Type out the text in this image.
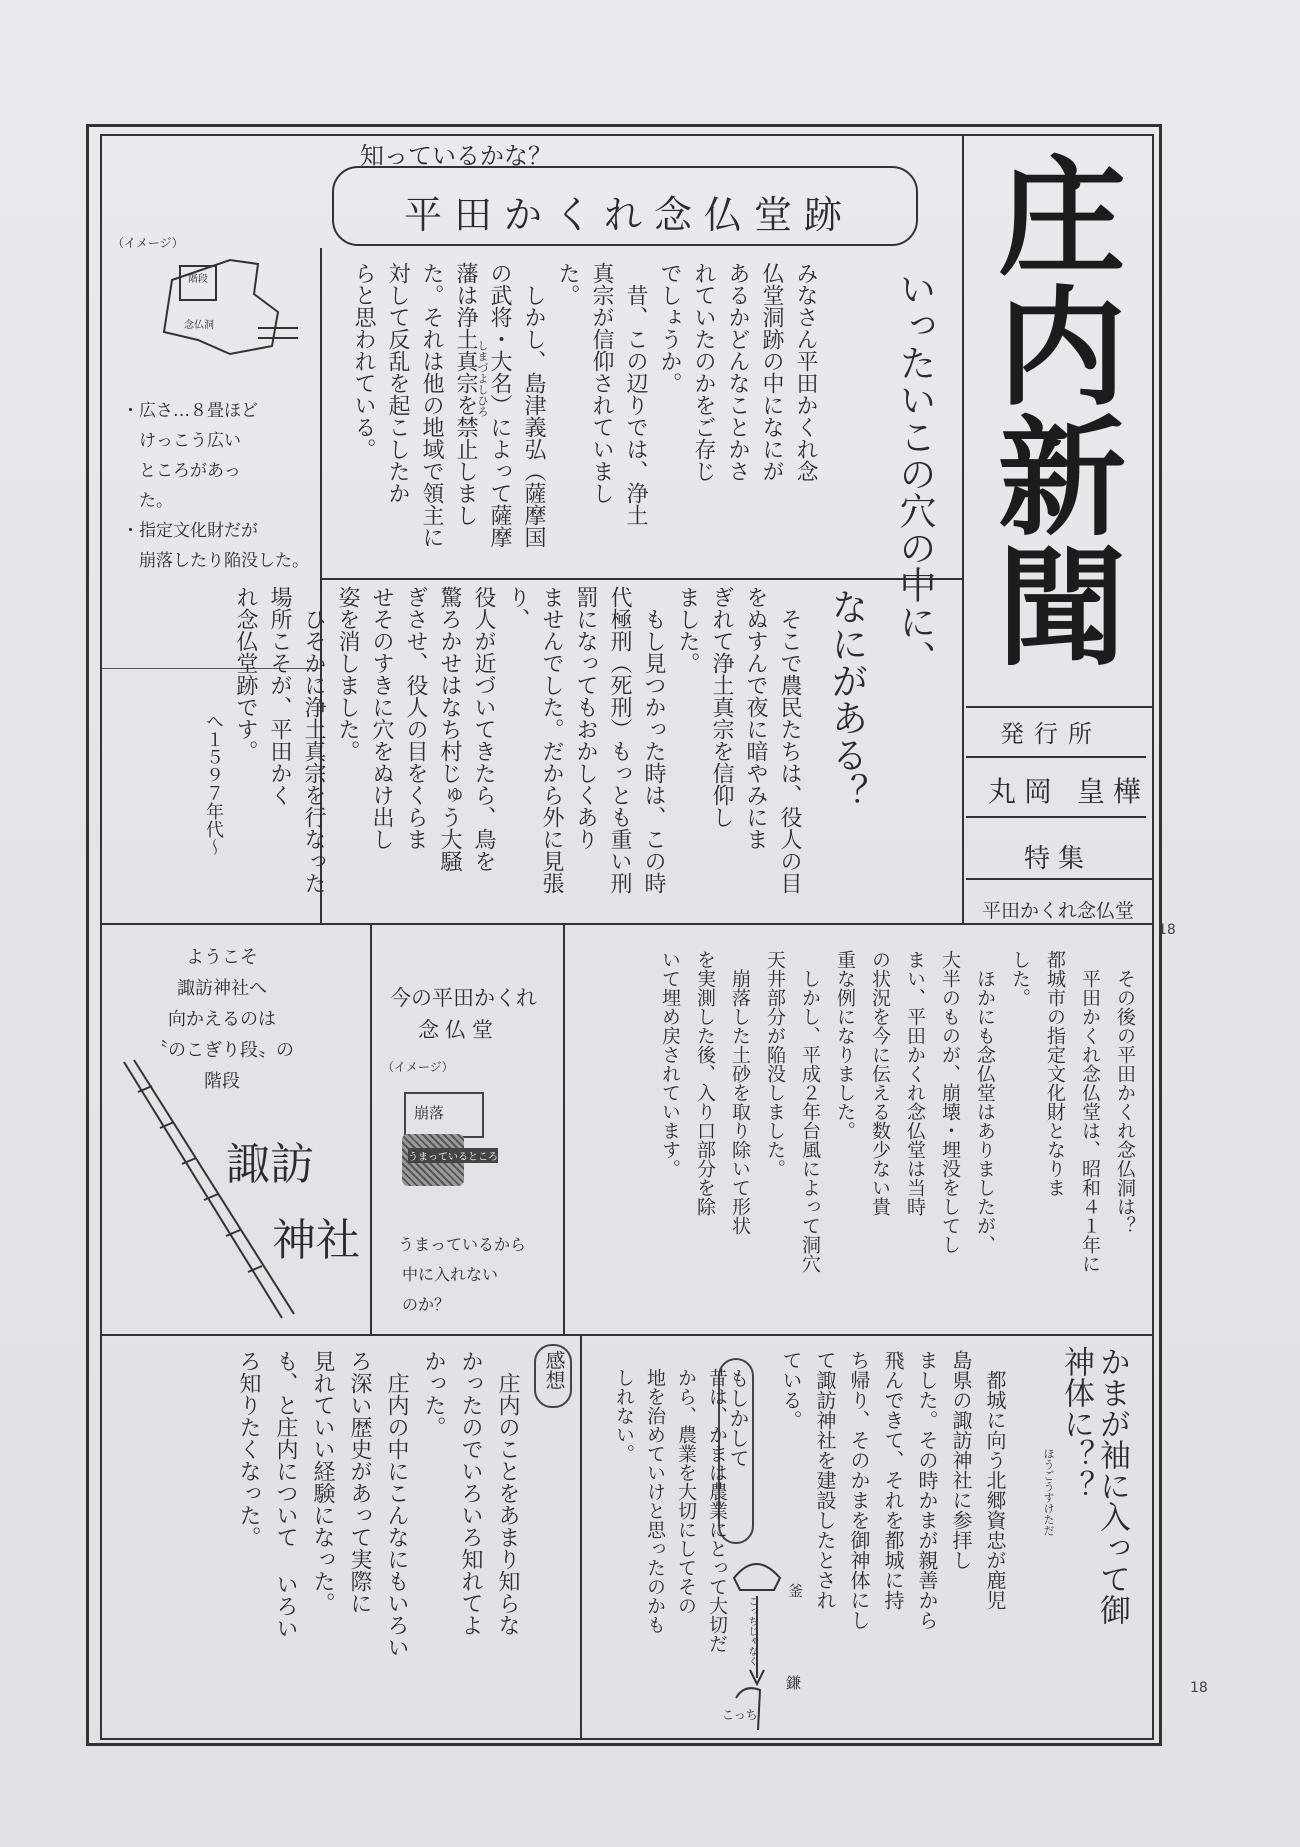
庄内新聞
発行所
丸岡 皇樺
特集
平田かくれ念仏堂
18
知っているかな？
平田かくれ念仏堂跡
いったいこの穴の中に、
なにがある？
みなさん平田かくれ念
仏堂洞跡の中になにが
あるかどんなことかさ
れていたのかをご存じ
でしょうか。
　昔、この辺りでは、浄土
真宗が信仰されていまし
た。
　しかし、島津義弘（薩摩国
の武将・大名）によって薩摩
藩は浄土真宗を禁止しまし
た。それは他の地域で領主に
対して反乱を起こしたか
らと思われている。	しまづよしひろ
　そこで農民たちは、役人の目
をぬすんで夜に暗やみにま
ぎれて浄土真宗を信仰し
ました。
　もし見つかった時は、この時
代極刑（死刑）もっとも重い刑
罰になってもおかしくあり
ませんでした。だから外に見張り、
役人が近づいてきたら、鳥を
驚ろかせはなち村じゅう大騒
ぎさせ、役人の目をくらま
せそのすきに穴をぬけ出し
姿を消しました。
　ひそかに浄土真宗を行なった
場所こそが、平田かく
れ念仏堂跡です。
へ１５９７年代〜
（イメージ）
階段
念仏洞
・広さ…８畳ほど
　けっこう広い
　ところがあっ
　た。
・指定文化財だが
　崩落したり陥没した。
ようこそ
諏訪神社へ
向かえるのは
〝のこぎり段〟の
階段
諏訪
神社
今の平田かくれ
念仏堂
（イメージ）
崩落
うまっているところ
うまっているから
中に入れない
のか？
　その後の平田かくれ念仏洞は？
　平田かくれ念仏堂は、昭和４１年に
都城市の指定文化財となりま
した。
　ほかにも念仏堂はありましたが、
大半のものが、崩壊・埋没をしてし
まい、平田かくれ念仏堂は当時
の状況を今に伝える数少ない貴
重な例になりました。
　しかし、平成２年台風によって洞穴
天井部分が陥没しました。
　崩落した土砂を取り除いて形状
を実測した後、入り口部分を除
いて埋め戻されています。
かまが袖に入って御
神体に？？
　都城に向う北郷資忠が鹿児
島県の諏訪神社に参拝し
ました。その時かまが親善から
飛んできて、それを都城に持
ち帰り、そのかまを御神体にし
て諏訪神社を建設したとされ
ている。
ほうごうすけただ
もしかして
昔は、かまは農業にとって大切だ
から、農業を大切にしてその
地を治めていけと思ったのかも
しれない。
釜
こっちじゃなく
鎌
こっち
18
感想
　庄内のことをあまり知らな
かったのでいろいろ知れてよ
かった。
　庄内の中にこんなにもいろい
ろ深い歴史があって実際に
見れていい経験になった。
も、と庄内について いろい
ろ知りたくなった。
